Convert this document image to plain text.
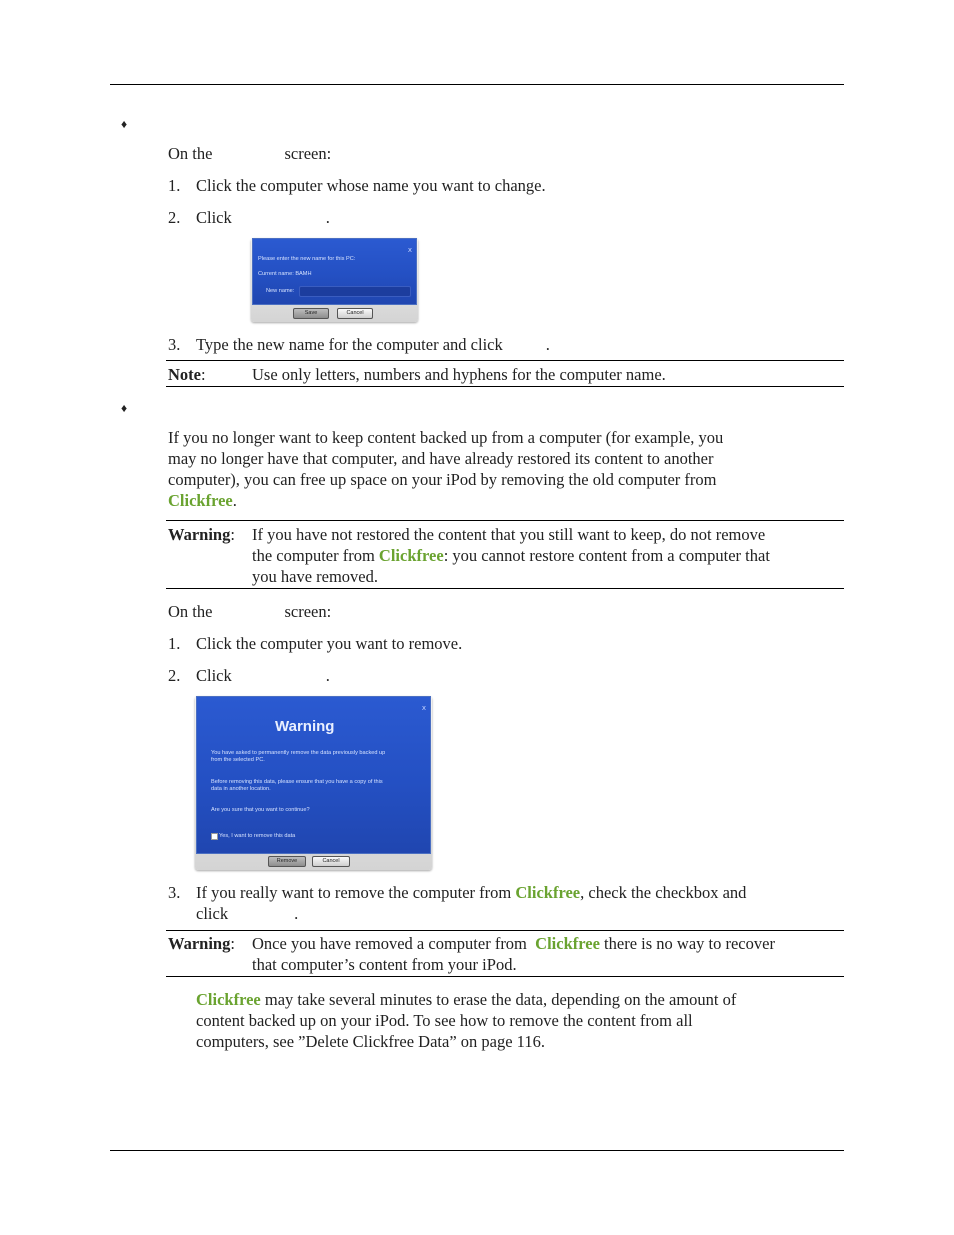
♦
On the	screen:
1. Click the computer whose name you want to change.
2. Click	.
x
Please enter the new name for this PC:
Current name: BAMH
New name:
Save	Cancel
3. Type the new name for the computer and click	.
Note:	Use only letters, numbers and hyphens for the computer name.
♦
If you no longer want to keep content backed up from a computer (for example, you
may no longer have that computer, and have already restored its content to another
computer), you can free up space on your iPod by removing the old computer from
Clickfree.
Warning: If you have not restored the content that you still want to keep, do not remove
the computer from Clickfree: you cannot restore content from a computer that
you have removed.
On the	screen:
1. Click the computer you want to remove.
2. Click	.
x
Warning
You have asked to permanently remove the data previously backed up
from the selected PC.
Before removing this data, please ensure that you have a copy of this
data in another location.
Are you sure that you want to continue?
Yes, I want to remove this data
Remove	Cancel
3. If you really want to remove the computer from Clickfree, check the checkbox and
click	.
Warning: Once you have removed a computer from Clickfree there is no way to recover
that computer’s content from your iPod.
Clickfree may take several minutes to erase the data, depending on the amount of
content backed up on your iPod. To see how to remove the content from all
computers, see ”Delete Clickfree Data” on page 116.
